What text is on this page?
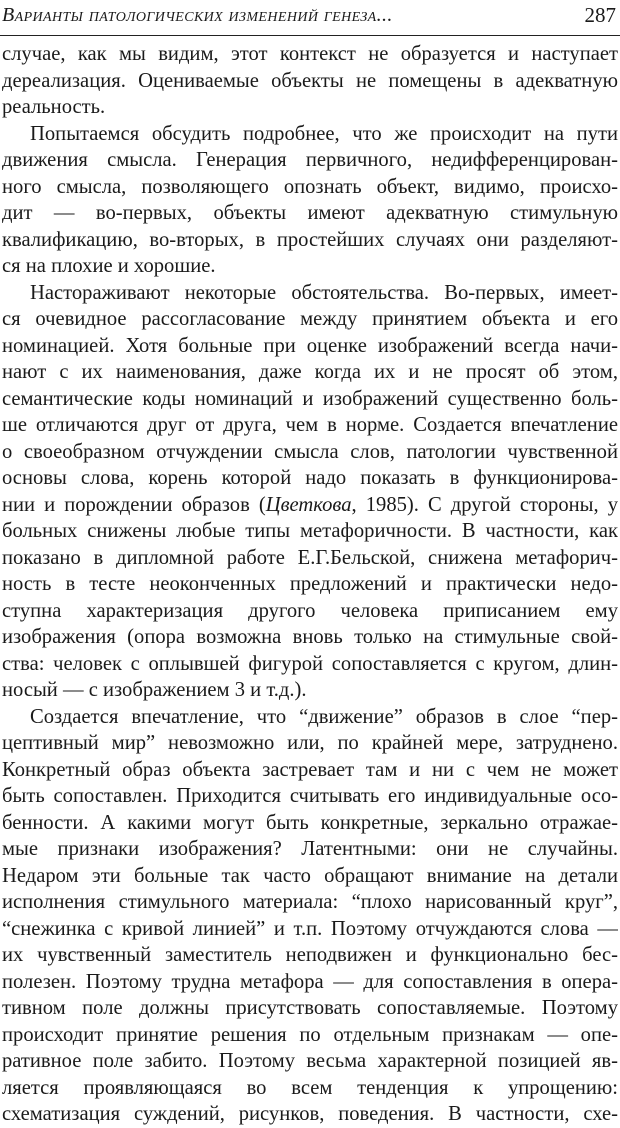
Варианты патологических изменений генеза...	287
случае, как мы видим, этот контекст не образуется и наступает
дереализация. Оцениваемые объекты не помещены в адекватную
реальность.
Попытаемся обсудить подробнее, что же происходит на пути
движения смысла. Генерация первичного, недифференцирован-
ного смысла, позволяющего опознать объект, видимо, происхо-
дит — во-первых, объекты имеют адекватную стимульную
квалификацию, во-вторых, в простейших случаях они разделяют-
ся на плохие и хорошие.
Настораживают некоторые обстоятельства. Во-первых, имеет-
ся очевидное рассогласование между принятием объекта и его
номинацией. Хотя больные при оценке изображений всегда начи-
нают с их наименования, даже когда их и не просят об этом,
семантические коды номинаций и изображений существенно боль-
ше отличаются друг от друга, чем в норме. Создается впечатление
о своеобразном отчуждении смысла слов, патологии чувственной
основы слова, корень которой надо показать в функционирова-
нии и порождении образов (Цветкова, 1985). С другой стороны, у
больных снижены любые типы метафоричности. В частности, как
показано в дипломной работе Е.Г.Бельской, снижена метафорич-
ность в тесте неоконченных предложений и практически недо-
ступна характеризация другого человека приписанием ему
изображения (опора возможна вновь только на стимульные свой-
ства: человек с оплывшей фигурой сопоставляется с кругом, длин-
носый — с изображением 3 и т.д.).
Создается впечатление, что “движение” образов в слое “пер-
цептивный мир” невозможно или, по крайней мере, затруднено.
Конкретный образ объекта застревает там и ни с чем не может
быть сопоставлен. Приходится считывать его индивидуальные осо-
бенности. А какими могут быть конкретные, зеркально отражае-
мые признаки изображения? Латентными: они не случайны.
Недаром эти больные так часто обращают внимание на детали
исполнения стимульного материала: “плохо нарисованный круг”,
“снежинка с кривой линией” и т.п. Поэтому отчуждаются слова —
их чувственный заместитель неподвижен и функционально бес-
полезен. Поэтому трудна метафора — для сопоставления в опера-
тивном поле должны присутствовать сопоставляемые. Поэтому
происходит принятие решения по отдельным признакам — опе-
ративное поле забито. Поэтому весьма характерной позицией яв-
ляется проявляющаяся во всем тенденция к упрощению:
схематизация суждений, рисунков, поведения. В частности, схе-
